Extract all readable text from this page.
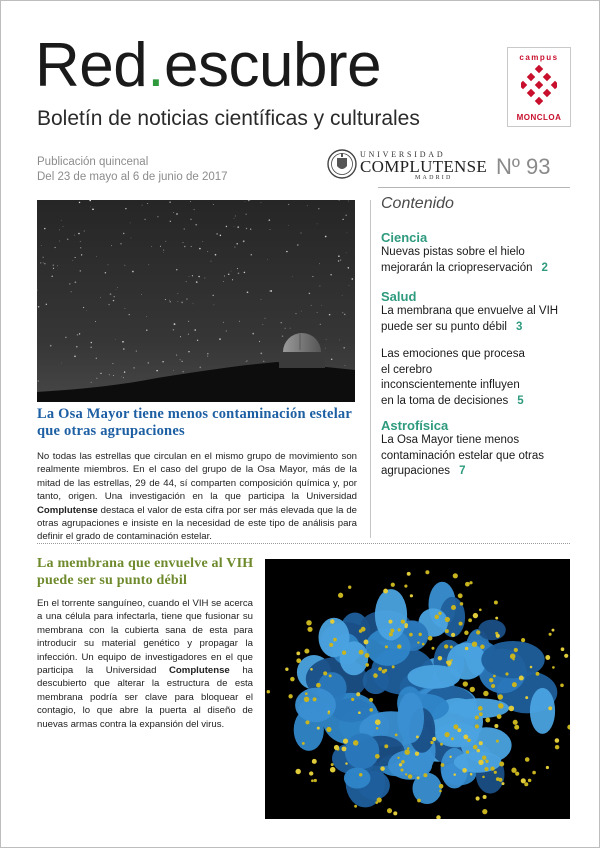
Red.escubre
Boletín de noticias científicas y culturales
campus
MONCLOA
Publicación quincenal
Del 23 de mayo al 6 de junio de 2017
UNIVERSIDAD
COMPLUTENSE
MADRID Nº 93
Contenido
Ciencia
Nuevas pistas sobre el hielo mejorarán la criopreservación 2
Salud
La membrana que envuelve al VIH puede ser su punto débil 3
Las emociones que procesa el cerebro inconscientemente influyen en la toma de decisiones 5
Astrofísica
La Osa Mayor tiene menos contaminación estelar que otras agrupaciones 7
La Osa Mayor tiene menos contaminación estelar que otras agrupaciones
No todas las estrellas que circulan en el mismo grupo de movimiento son realmente miembros. En el caso del grupo de la Osa Mayor, más de la mitad de las estrellas, 29 de 44, sí comparten composición química y, por tanto, origen. Una investigación en la que participa la Universidad Complutense destaca el valor de esta cifra por ser más elevada que la de otras agrupaciones e insiste en la necesidad de este tipo de análisis para definir el grado de contaminación estelar.
La membrana que envuelve al VIH puede ser su punto débil
En el torrente sanguíneo, cuando el VIH se acerca a una célula para infectarla, tiene que fusionar su membrana con la cubierta sana de esta para introducir su material genético y propagar la infección. Un equipo de investigadores en el que participa la Universidad Complutense ha descubierto que alterar la estructura de esta membrana podría ser clave para bloquear el contagio, lo que abre la puerta al diseño de nuevas armas contra la expansión del virus.
